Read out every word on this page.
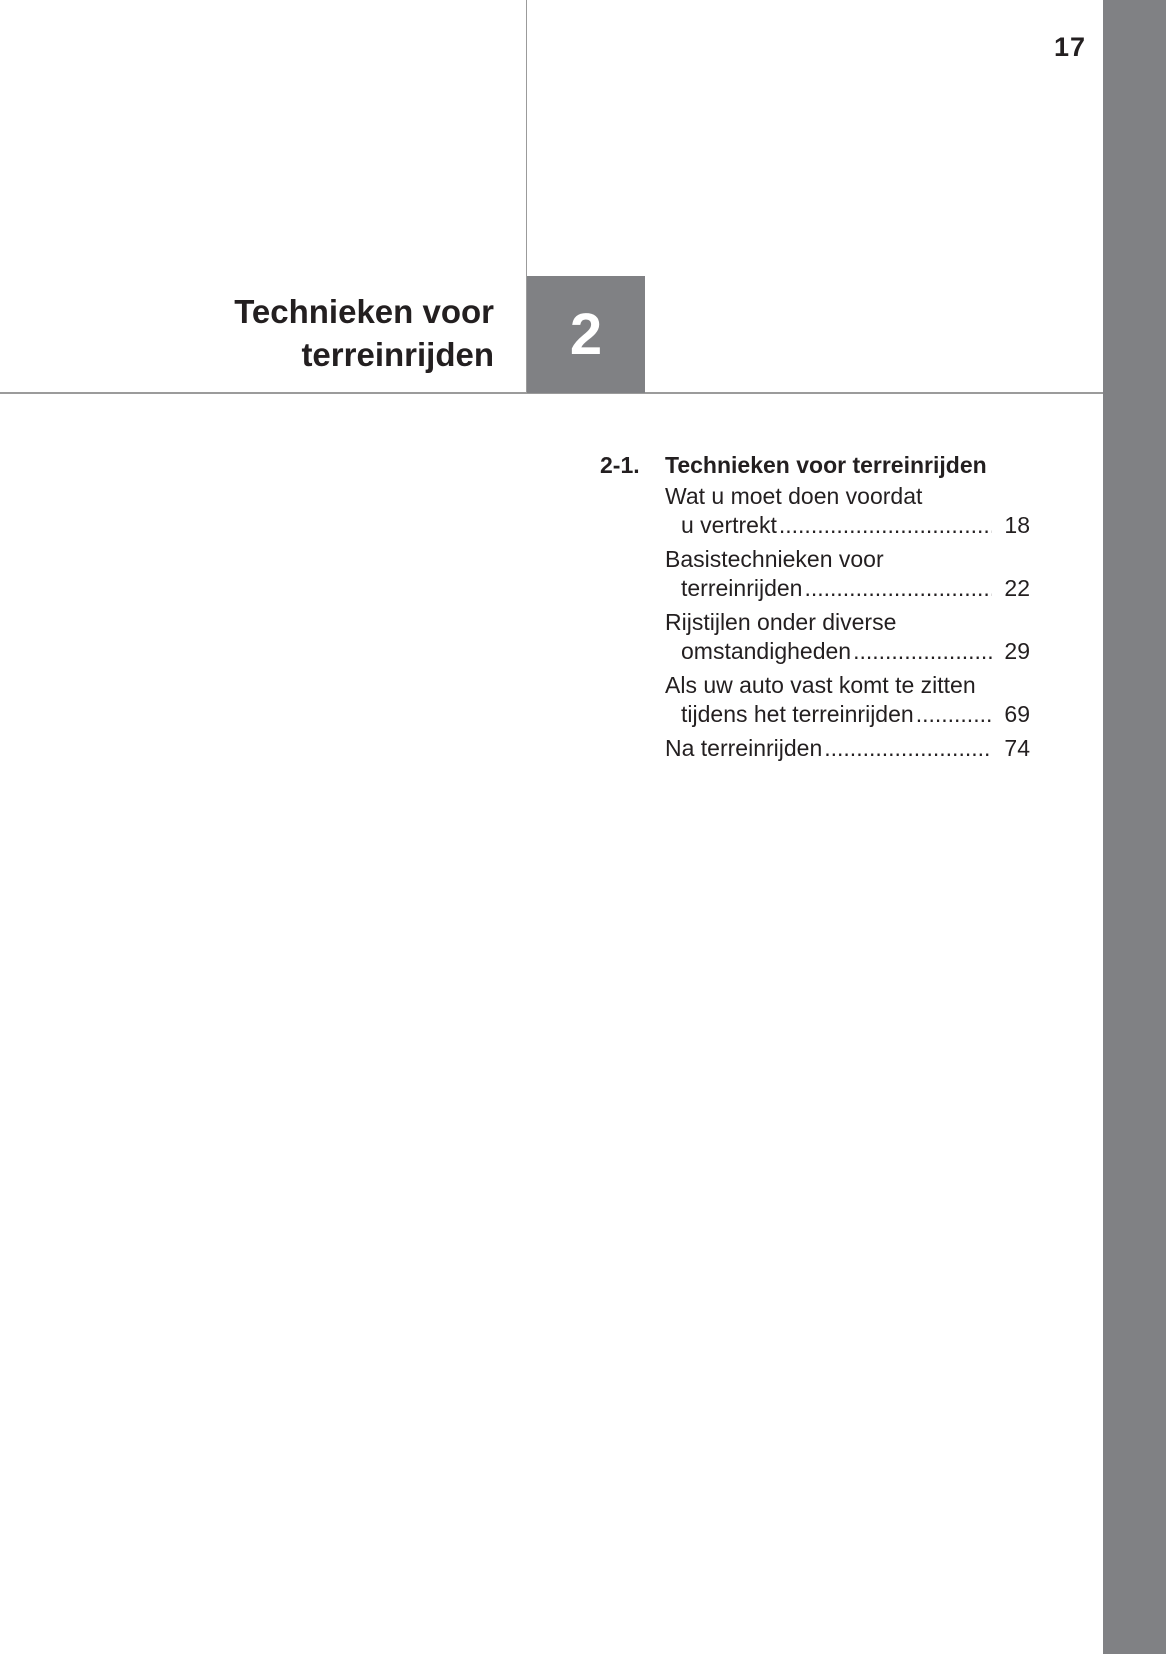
17
Technieken voor
terreinrijden 2
2-1.	Technieken voor terreinrijden
Wat u moet doen voordat
u vertrekt .....	18
Basistechnieken voor
terreinrijden .....	22
Rijstijlen onder diverse
omstandigheden .....	29
Als uw auto vast komt te zitten
tijdens het terreinrijden .....	69
Na terreinrijden .....	74
